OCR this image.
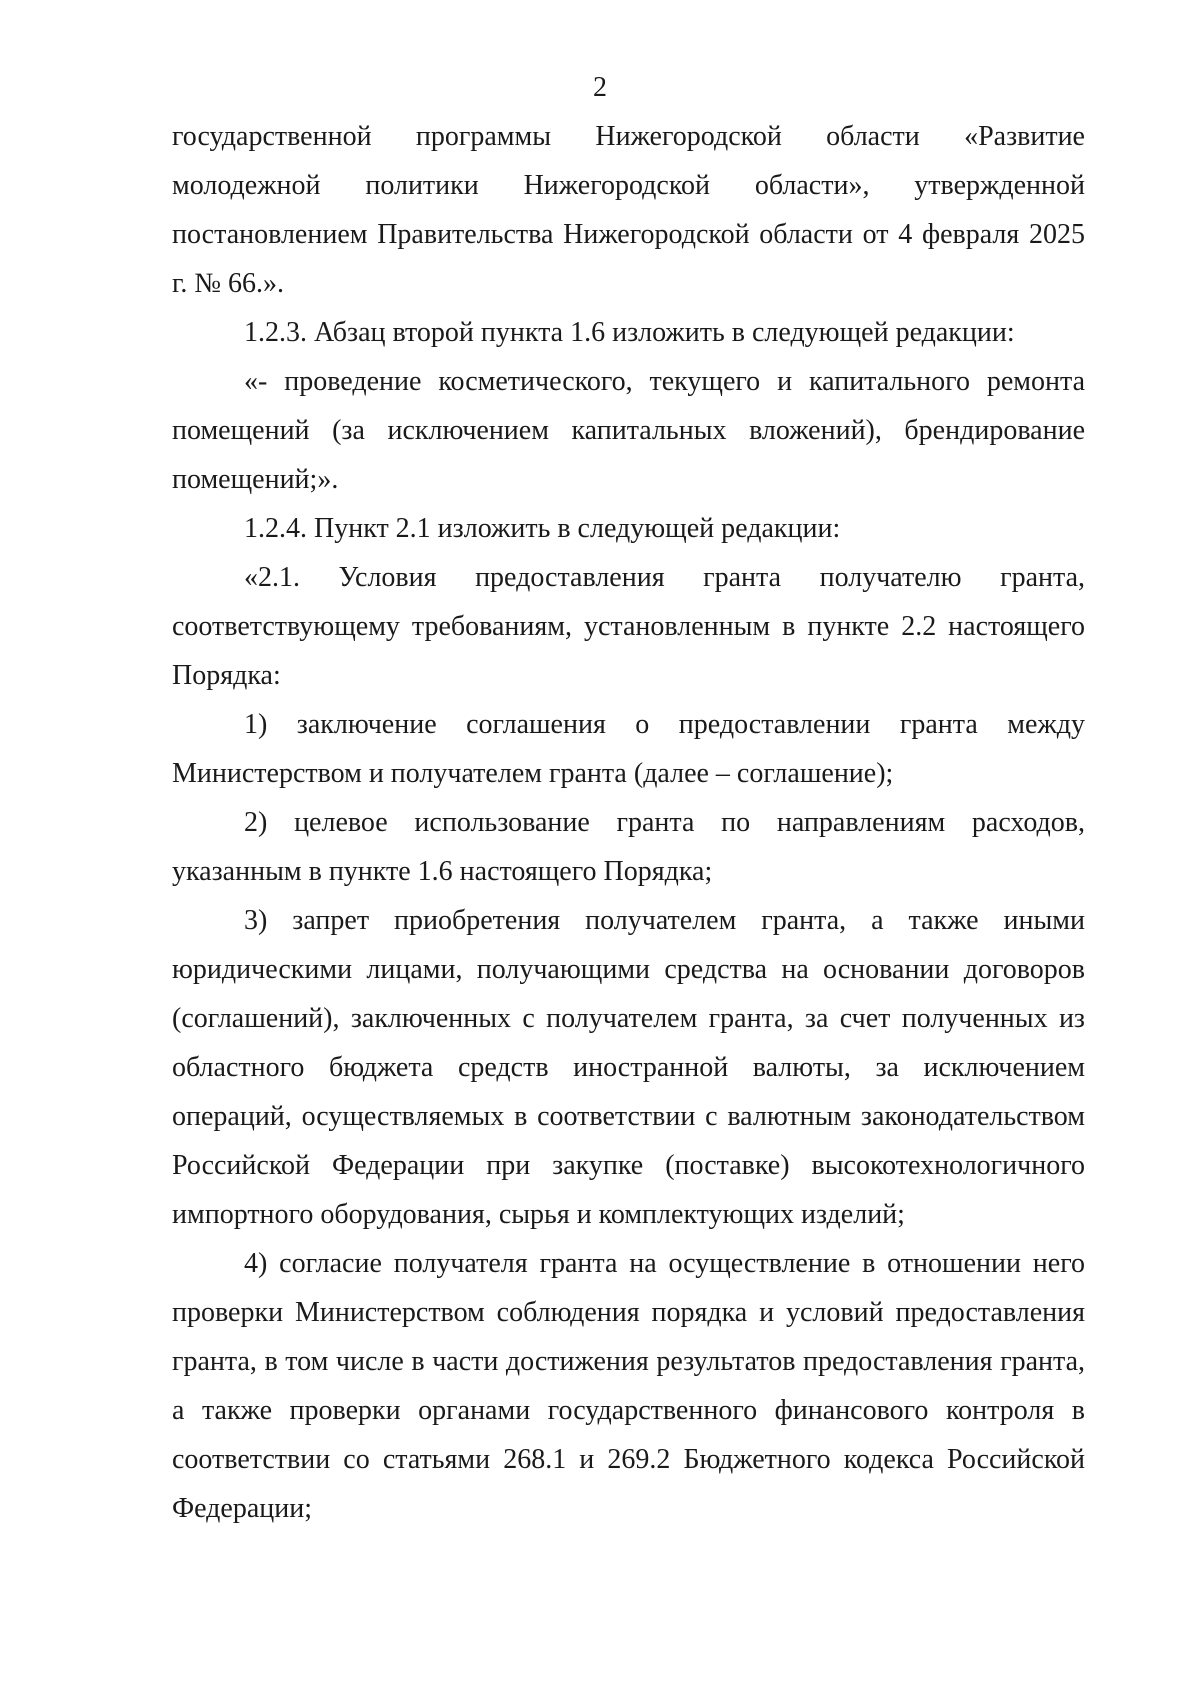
2

государственной программы Нижегородской области «Развитие молодежной политики Нижегородской области», утвержденной постановлением Правительства Нижегородской области от 4 февраля 2025 г. № 66.».

1.2.3. Абзац второй пункта 1.6 изложить в следующей редакции:

«- проведение косметического, текущего и капитального ремонта помещений (за исключением капитальных вложений), брендирование помещений;».

1.2.4. Пункт 2.1 изложить в следующей редакции:

«2.1. Условия предоставления гранта получателю гранта, соответствующему требованиям, установленным в пункте 2.2 настоящего Порядка:

1) заключение соглашения о предоставлении гранта между Министерством и получателем гранта (далее – соглашение);

2) целевое использование гранта по направлениям расходов, указанным в пункте 1.6 настоящего Порядка;

3) запрет приобретения получателем гранта, а также иными юридическими лицами, получающими средства на основании договоров (соглашений), заключенных с получателем гранта, за счет полученных из областного бюджета средств иностранной валюты, за исключением операций, осуществляемых в соответствии с валютным законодательством Российской Федерации при закупке (поставке) высокотехнологичного импортного оборудования, сырья и комплектующих изделий;

4) согласие получателя гранта на осуществление в отношении него проверки Министерством соблюдения порядка и условий предоставления гранта, в том числе в части достижения результатов предоставления гранта, а также проверки органами государственного финансового контроля в соответствии со статьями 268.1 и 269.2 Бюджетного кодекса Российской Федерации;
